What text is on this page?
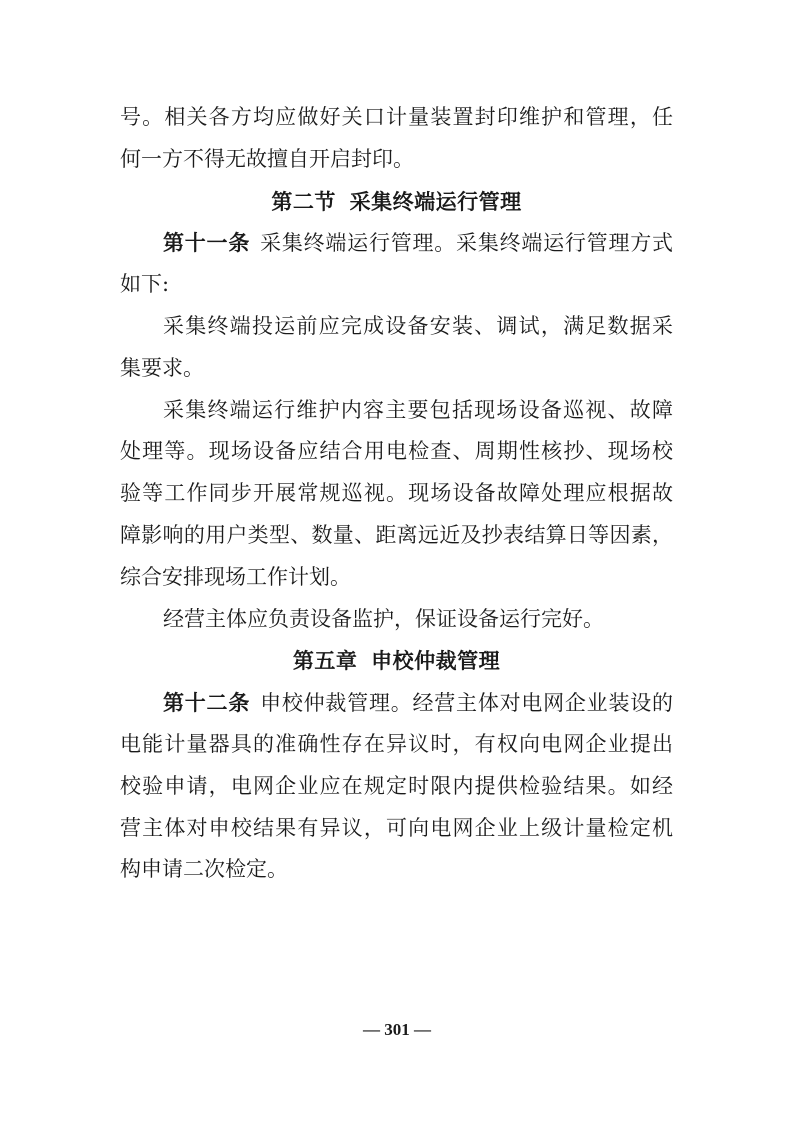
号。相关各方均应做好关口计量装置封印维护和管理，任
何一方不得无故擅自开启封印。
第二节 采集终端运行管理
第十一条 采集终端运行管理。采集终端运行管理方式
如下:
采集终端投运前应完成设备安装、调试，满足数据采
集要求。
采集终端运行维护内容主要包括现场设备巡视、故障
处理等。现场设备应结合用电检查、周期性核抄、现场校
验等工作同步开展常规巡视。现场设备故障处理应根据故
障影响的用户类型、数量、距离远近及抄表结算日等因素，
综合安排现场工作计划。
经营主体应负责设备监护，保证设备运行完好。
第五章 申校仲裁管理
第十二条 申校仲裁管理。经营主体对电网企业装设的
电能计量器具的准确性存在异议时，有权向电网企业提出
校验申请，电网企业应在规定时限内提供检验结果。如经
营主体对申校结果有异议，可向电网企业上级计量检定机
构申请二次检定。
— 301 —
